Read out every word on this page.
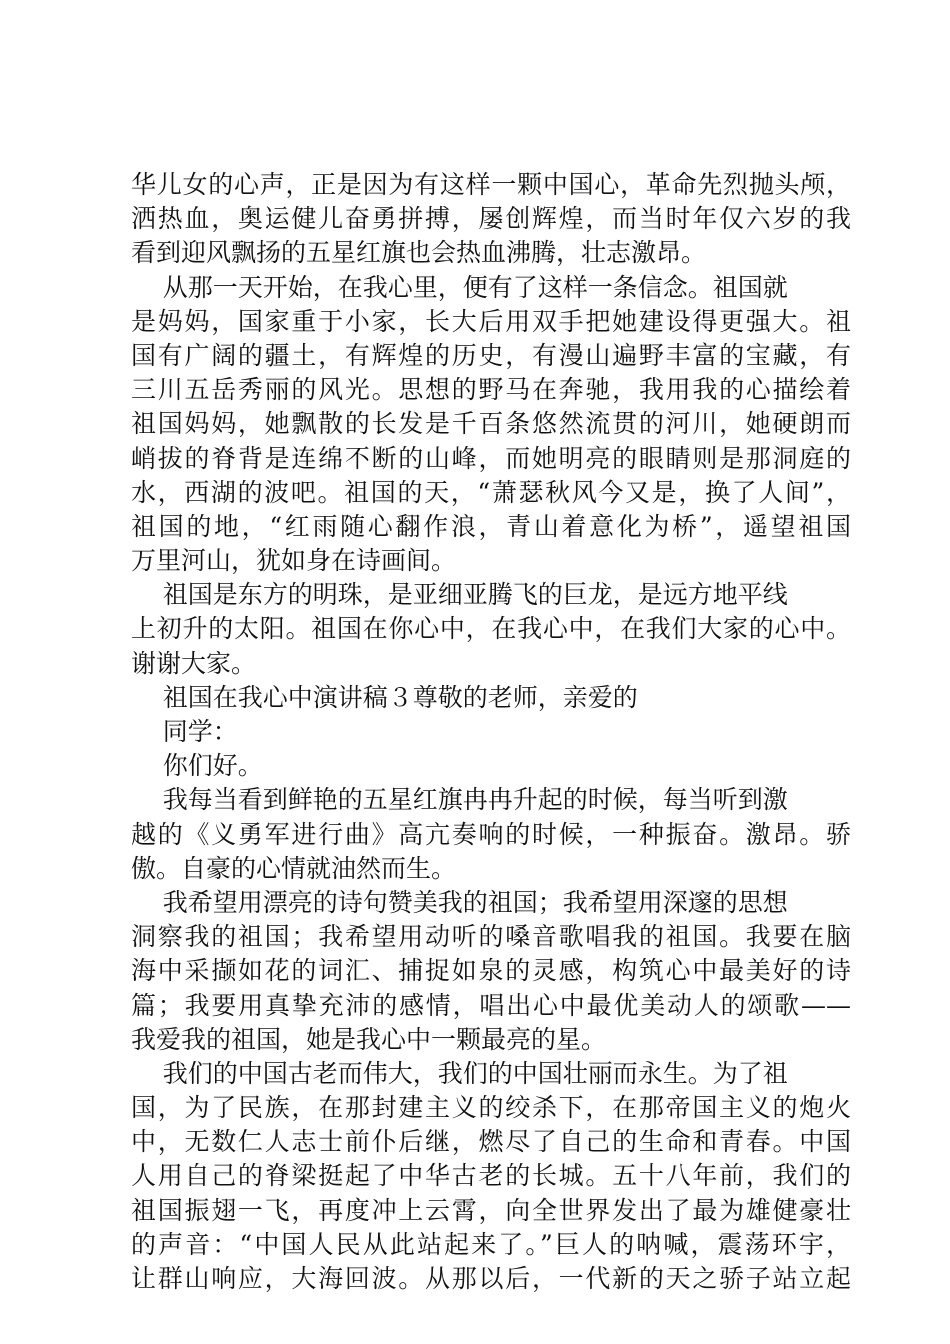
华儿女的心声，正是因为有这样一颗中国心，革命先烈抛头颅，
洒热血，奥运健儿奋勇拼搏，屡创辉煌，而当时年仅六岁的我
看到迎风飘扬的五星红旗也会热血沸腾，壮志激昂。
从那一天开始，在我心里，便有了这样一条信念。祖国就
是妈妈，国家重于小家，长大后用双手把她建设得更强大。祖
国有广阔的疆土，有辉煌的历史，有漫山遍野丰富的宝藏，有
三川五岳秀丽的风光。思想的野马在奔驰，我用我的心描绘着
祖国妈妈，她飘散的长发是千百条悠然流贯的河川，她硬朗而
峭拔的脊背是连绵不断的山峰，而她明亮的眼睛则是那洞庭的
水，西湖的波吧。祖国的天，“萧瑟秋风今又是，换了人间”，
祖国的地，“红雨随心翻作浪，青山着意化为桥”，遥望祖国
万里河山，犹如身在诗画间。
祖国是东方的明珠，是亚细亚腾飞的巨龙，是远方地平线
上初升的太阳。祖国在你心中，在我心中，在我们大家的心中。
谢谢大家。
祖国在我心中演讲稿３尊敬的老师，亲爱的
同学：
你们好。
我每当看到鲜艳的五星红旗冉冉升起的时候，每当听到激
越的《义勇军进行曲》高亢奏响的时候，一种振奋。激昂。骄
傲。自豪的心情就油然而生。
我希望用漂亮的诗句赞美我的祖国；我希望用深邃的思想
洞察我的祖国；我希望用动听的嗓音歌唱我的祖国。我要在脑
海中采撷如花的词汇、捕捉如泉的灵感，构筑心中最美好的诗
篇；我要用真挚充沛的感情，唱出心中最优美动人的颂歌——
我爱我的祖国，她是我心中一颗最亮的星。
我们的中国古老而伟大，我们的中国壮丽而永生。为了祖
国，为了民族，在那封建主义的绞杀下，在那帝国主义的炮火
中，无数仁人志士前仆后继，燃尽了自己的生命和青春。中国
人用自己的脊梁挺起了中华古老的长城。五十八年前，我们的
祖国振翅一飞，再度冲上云霄，向全世界发出了最为雄健豪壮
的声音：“中国人民从此站起来了。”巨人的呐喊，震荡环宇，
让群山响应，大海回波。从那以后，一代新的天之骄子站立起
